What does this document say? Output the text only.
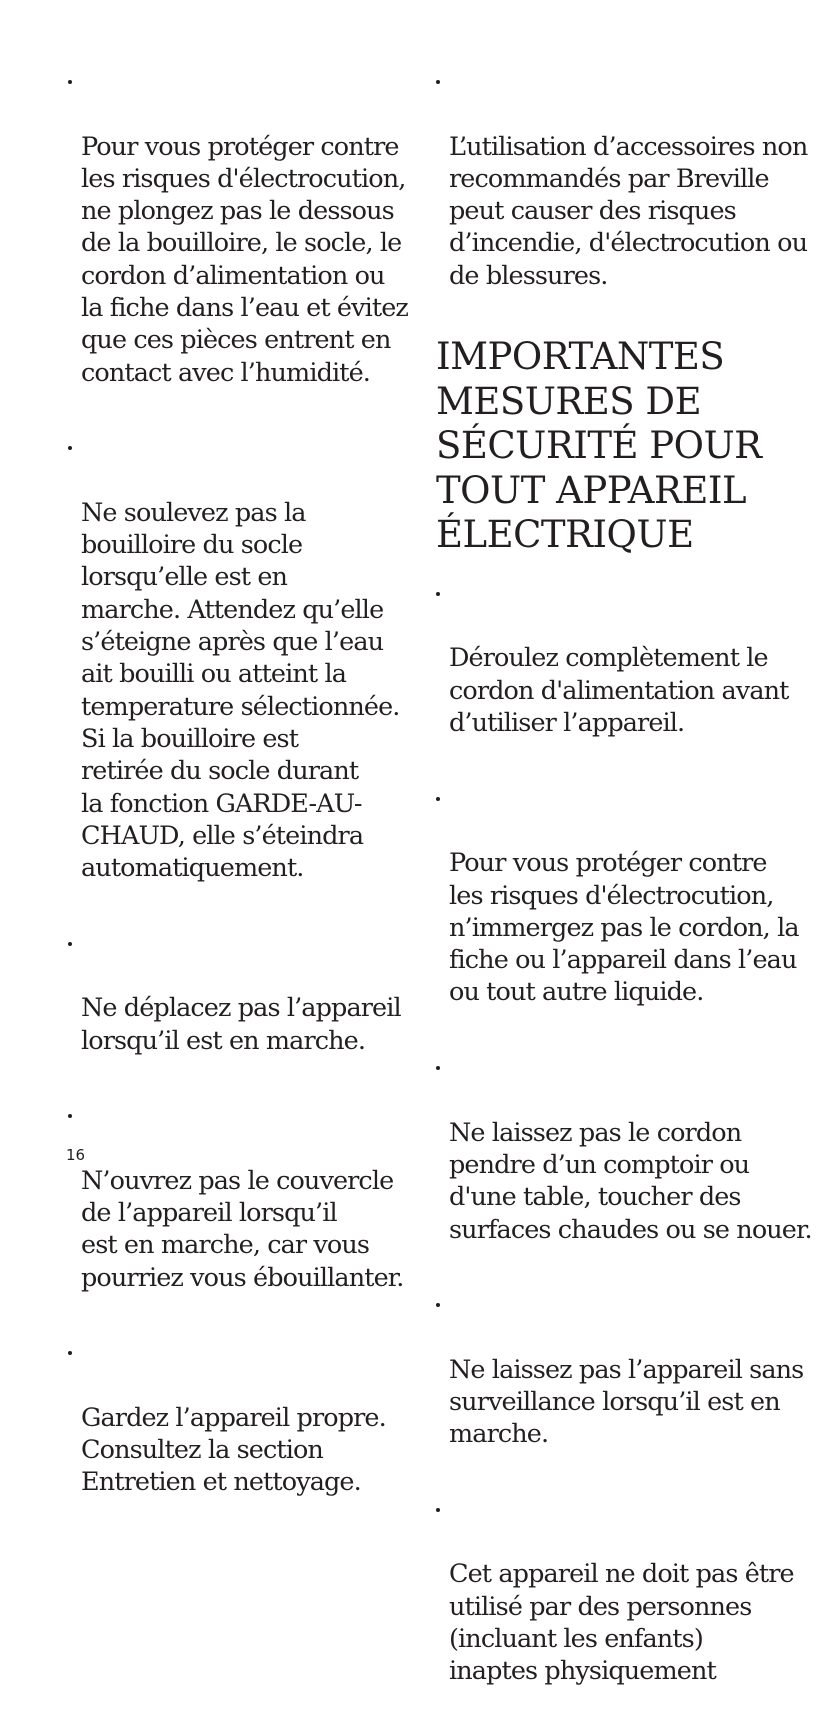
Pour vous protéger contre
les risques d'électrocution,
ne plongez pas le dessous
de la bouilloire, le socle, le
cordon d’alimentation ou
la fiche dans l’eau et évitez
que ces pièces entrent en
contact avec l’humidité.

Ne soulevez pas la
bouilloire du socle
lorsqu’elle est en
marche. Attendez qu’elle
s’éteigne après que l’eau
ait bouilli ou atteint la
temperature sélectionnée.
Si la bouilloire est
retirée du socle durant
la fonction GARDE-AU-
CHAUD, elle s’éteindra
automatiquement.

Ne déplacez pas l’appareil
lorsqu’il est en marche.

N’ouvrez pas le couvercle
de l’appareil lorsqu’il
est en marche, car vous
pourriez vous ébouillanter.

Gardez l’appareil propre.
Consultez la section
Entretien et nettoyage.

L’utilisation d’accessoires non
recommandés par Breville
peut causer des risques
d’incendie, d'électrocution ou
de blessures.

IMPORTANTES
MESURES DE
SÉCURITÉ POUR
TOUT APPAREIL
ÉLECTRIQUE

Déroulez complètement le
cordon d'alimentation avant
d’utiliser l’appareil.

Pour vous protéger contre
les risques d'électrocution,
n’immergez pas le cordon, la
fiche ou l’appareil dans l’eau
ou tout autre liquide.

Ne laissez pas le cordon
pendre d’un comptoir ou
d'une table, toucher des
surfaces chaudes ou se nouer.

Ne laissez pas l’appareil sans
surveillance lorsqu’il est en
marche.

Cet appareil ne doit pas être
utilisé par des personnes
(incluant les enfants)
inaptes physiquement

16
